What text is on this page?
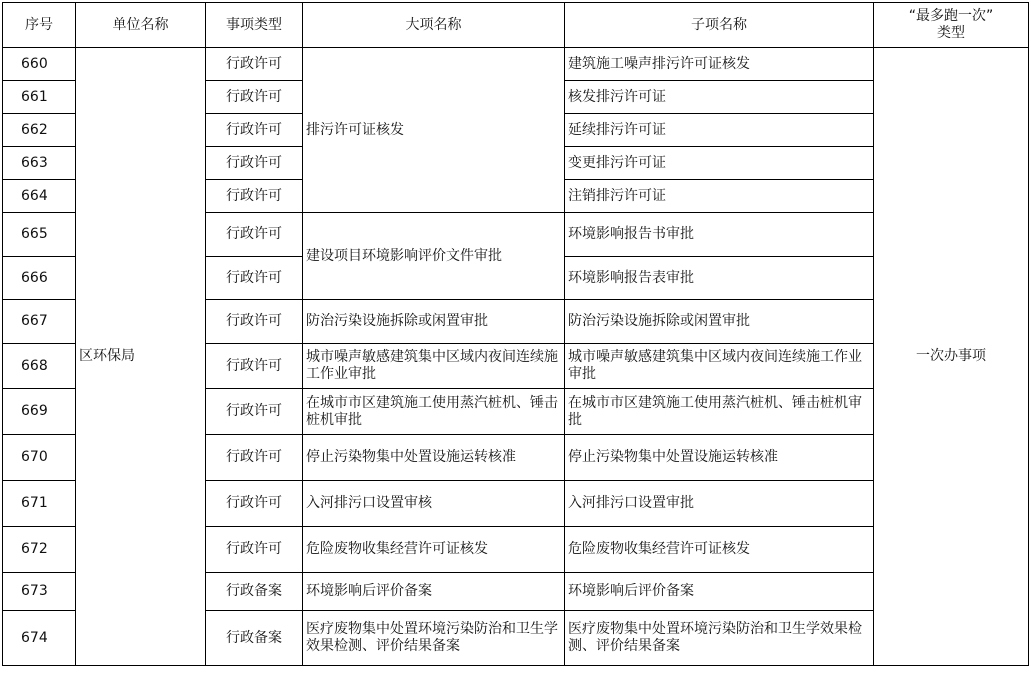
序号	单位名称	事项类型	大项名称	子项名称	“最多跑一次”
类型
660	区环保局	行政许可	排污许可证核发	建筑施工噪声排污许可证核发	一次办事项
661		行政许可		核发排污许可证	
662		行政许可		延续排污许可证	
663		行政许可		变更排污许可证	
664		行政许可		注销排污许可证	
665		行政许可	建设项目环境影响评价文件审批	环境影响报告书审批	
666		行政许可		环境影响报告表审批	
667		行政许可	防治污染设施拆除或闲置审批	防治污染设施拆除或闲置审批	
668		行政许可	城市噪声敏感建筑集中区域内夜间连续施工作业审批	城市噪声敏感建筑集中区域内夜间连续施工作业审批	
669		行政许可	在城市市区建筑施工使用蒸汽桩机、锤击桩机审批	在城市市区建筑施工使用蒸汽桩机、锤击桩机审批	
670		行政许可	停止污染物集中处置设施运转核准	停止污染物集中处置设施运转核准	
671		行政许可	入河排污口设置审核	入河排污口设置审批	
672		行政许可	危险废物收集经营许可证核发	危险废物收集经营许可证核发	
673		行政备案	环境影响后评价备案	环境影响后评价备案	
674		行政备案	医疗废物集中处置环境污染防治和卫生学效果检测、评价结果备案	医疗废物集中处置环境污染防治和卫生学效果检测、评价结果备案	
